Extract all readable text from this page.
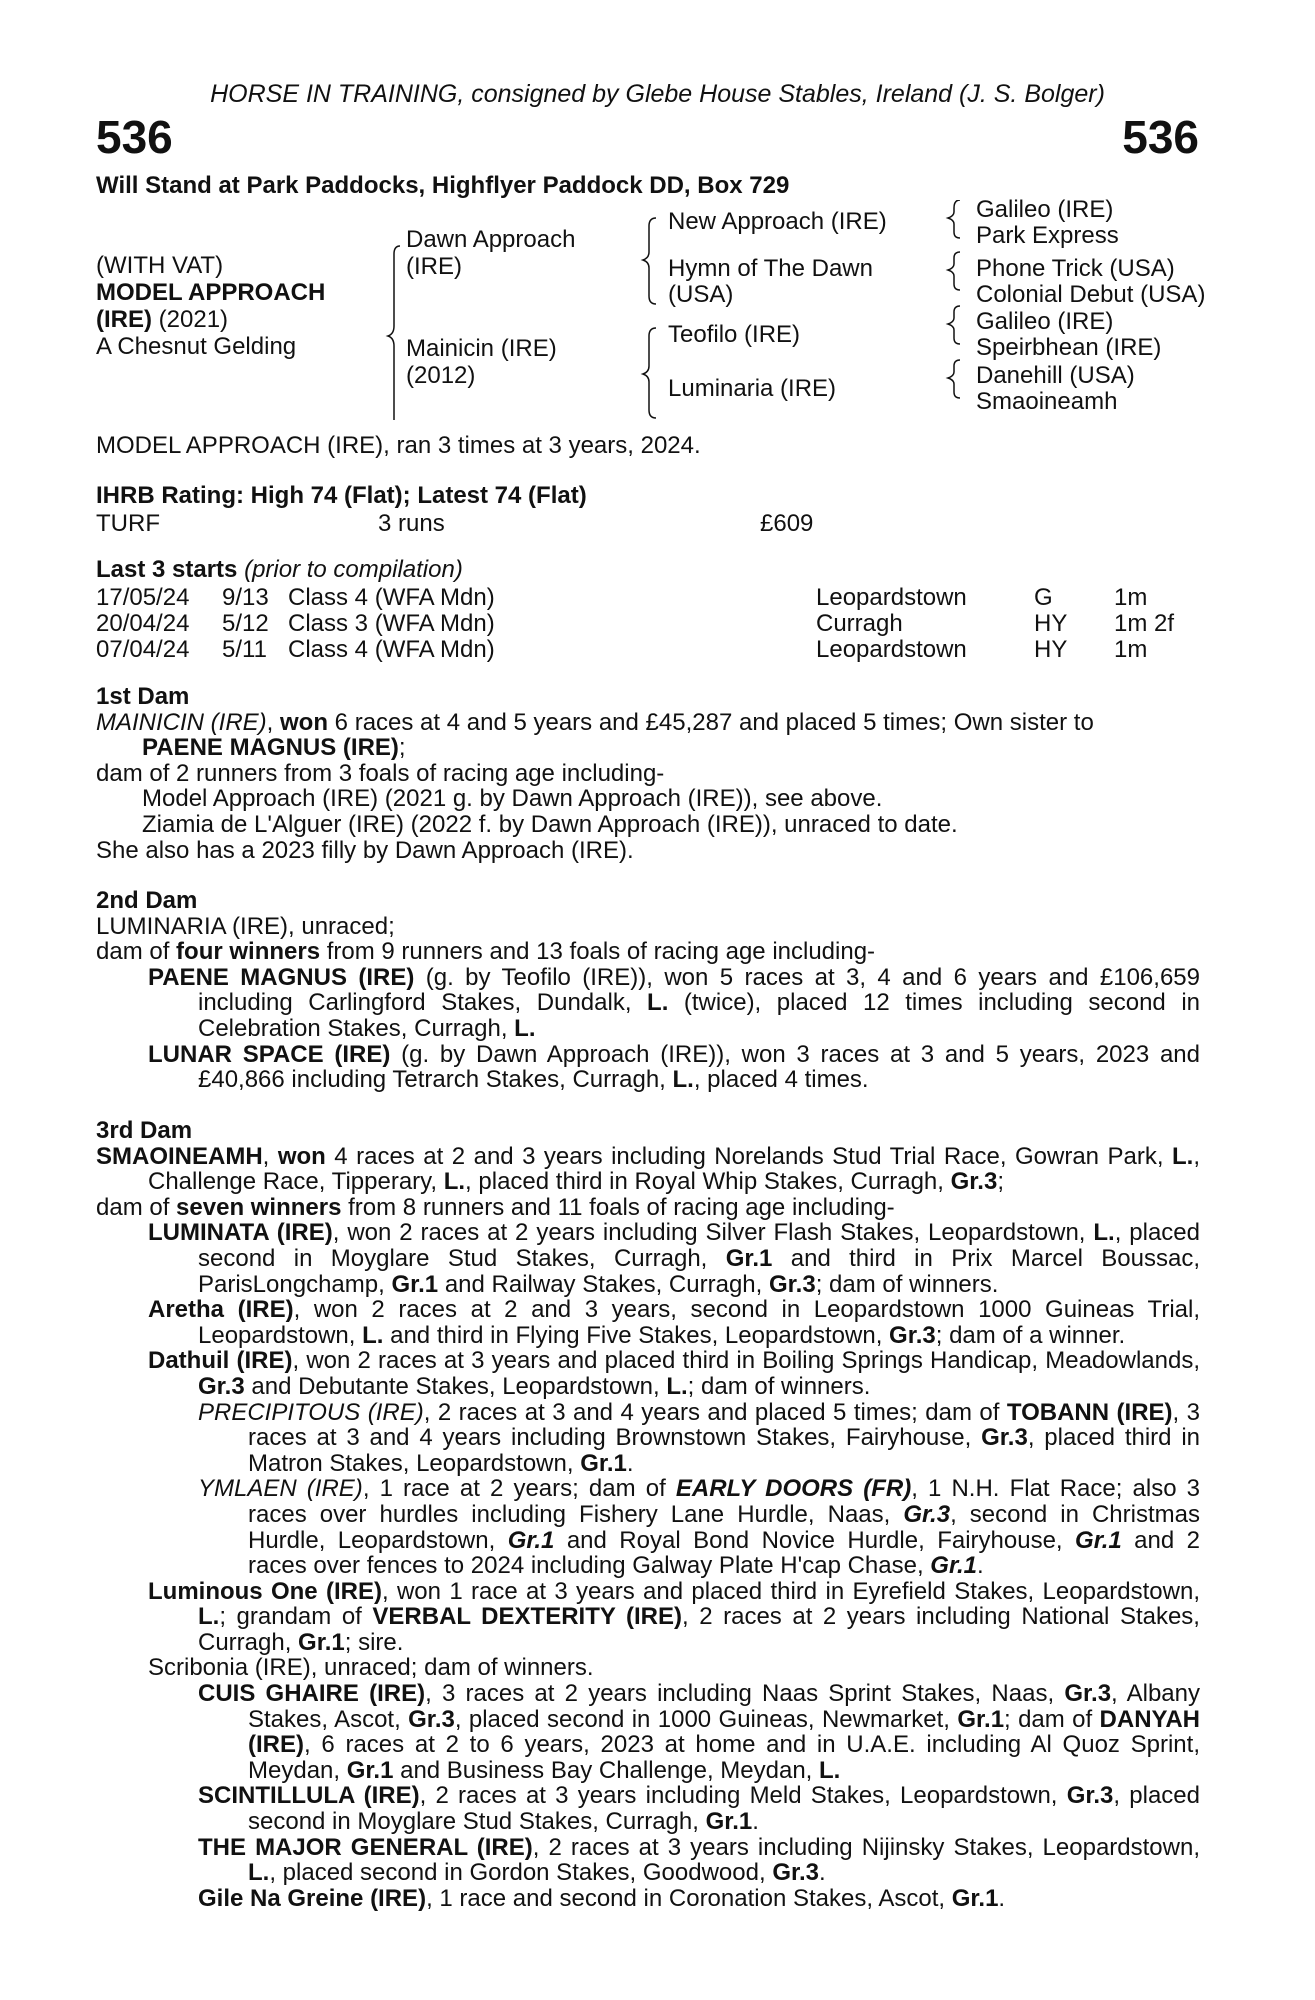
HORSE IN TRAINING, consigned by Glebe House Stables, Ireland (J. S. Bolger)
536	536
Will Stand at Park Paddocks, Highflyer Paddock DD, Box 729
(WITH VAT)
MODEL APPROACH
(IRE) (2021)
A Chesnut Gelding
Dawn Approach
(IRE)
Mainicin (IRE)
(2012)
New Approach (IRE)
Hymn of The Dawn
(USA)
Teofilo (IRE)
Luminaria (IRE)
Galileo (IRE)
Park Express
Phone Trick (USA)
Colonial Debut (USA)
Galileo (IRE)
Speirbhean (IRE)
Danehill (USA)
Smaoineamh
MODEL APPROACH (IRE), ran 3 times at 3 years, 2024.
IHRB Rating: High 74 (Flat); Latest 74 (Flat)
TURF	3 runs	£609
Last 3 starts (prior to compilation)
17/05/24 9/13 Class 4 (WFA Mdn)	Leopardstown	G	1m
20/04/24 5/12 Class 3 (WFA Mdn)	Curragh	HY 1m 2f
07/04/24 5/11 Class 4 (WFA Mdn)	Leopardstown	HY 1m
1st Dam

MAINICIN (IRE), won 6 races at 4 and 5 years and £45,287 and placed 5 times; Own sister to

PAENE MAGNUS (IRE);

dam of 2 runners from 3 foals of racing age including-

Model Approach (IRE) (2021 g. by Dawn Approach (IRE)), see above.

Ziamia de L'Alguer (IRE) (2022 f. by Dawn Approach (IRE)), unraced to date.

She also has a 2023 filly by Dawn Approach (IRE).

2nd Dam

LUMINARIA (IRE), unraced;

dam of four winners from 9 runners and 13 foals of racing age including-

PAENE MAGNUS (IRE) (g. by Teofilo (IRE)), won 5 races at 3, 4 and 6 years and £106,659 including Carlingford Stakes, Dundalk, L. (twice), placed 12 times including second in Celebration Stakes, Curragh, L.

LUNAR SPACE (IRE) (g. by Dawn Approach (IRE)), won 3 races at 3 and 5 years, 2023 and £40,866 including Tetrarch Stakes, Curragh, L., placed 4 times.

3rd Dam

SMAOINEAMH, won 4 races at 2 and 3 years including Norelands Stud Trial Race, Gowran Park, L., Challenge Race, Tipperary, L., placed third in Royal Whip Stakes, Curragh, Gr.3;

dam of seven winners from 8 runners and 11 foals of racing age including-

LUMINATA (IRE), won 2 races at 2 years including Silver Flash Stakes, Leopardstown, L., placed second in Moyglare Stud Stakes, Curragh, Gr.1 and third in Prix Marcel Boussac, ParisLongchamp, Gr.1 and Railway Stakes, Curragh, Gr.3; dam of winners.

Aretha (IRE), won 2 races at 2 and 3 years, second in Leopardstown 1000 Guineas Trial, Leopardstown, L. and third in Flying Five Stakes, Leopardstown, Gr.3; dam of a winner.

Dathuil (IRE), won 2 races at 3 years and placed third in Boiling Springs Handicap, Meadowlands, Gr.3 and Debutante Stakes, Leopardstown, L.; dam of winners.

PRECIPITOUS (IRE), 2 races at 3 and 4 years and placed 5 times; dam of TOBANN (IRE), 3 races at 3 and 4 years including Brownstown Stakes, Fairyhouse, Gr.3, placed third in Matron Stakes, Leopardstown, Gr.1.

YMLAEN (IRE), 1 race at 2 years; dam of EARLY DOORS (FR), 1 N.H. Flat Race; also 3 races over hurdles including Fishery Lane Hurdle, Naas, Gr.3, second in Christmas Hurdle, Leopardstown, Gr.1 and Royal Bond Novice Hurdle, Fairyhouse, Gr.1 and 2 races over fences to 2024 including Galway Plate H'cap Chase, Gr.1.

Luminous One (IRE), won 1 race at 3 years and placed third in Eyrefield Stakes, Leopardstown, L.; grandam of VERBAL DEXTERITY (IRE), 2 races at 2 years including National Stakes, Curragh, Gr.1; sire.

Scribonia (IRE), unraced; dam of winners.

CUIS GHAIRE (IRE), 3 races at 2 years including Naas Sprint Stakes, Naas, Gr.3, Albany Stakes, Ascot, Gr.3, placed second in 1000 Guineas, Newmarket, Gr.1; dam of DANYAH (IRE), 6 races at 2 to 6 years, 2023 at home and in U.A.E. including Al Quoz Sprint, Meydan, Gr.1 and Business Bay Challenge, Meydan, L.

SCINTILLULA (IRE), 2 races at 3 years including Meld Stakes, Leopardstown, Gr.3, placed second in Moyglare Stud Stakes, Curragh, Gr.1.

THE MAJOR GENERAL (IRE), 2 races at 3 years including Nijinsky Stakes, Leopardstown, L., placed second in Gordon Stakes, Goodwood, Gr.3.

Gile Na Greine (IRE), 1 race and second in Coronation Stakes, Ascot, Gr.1.
